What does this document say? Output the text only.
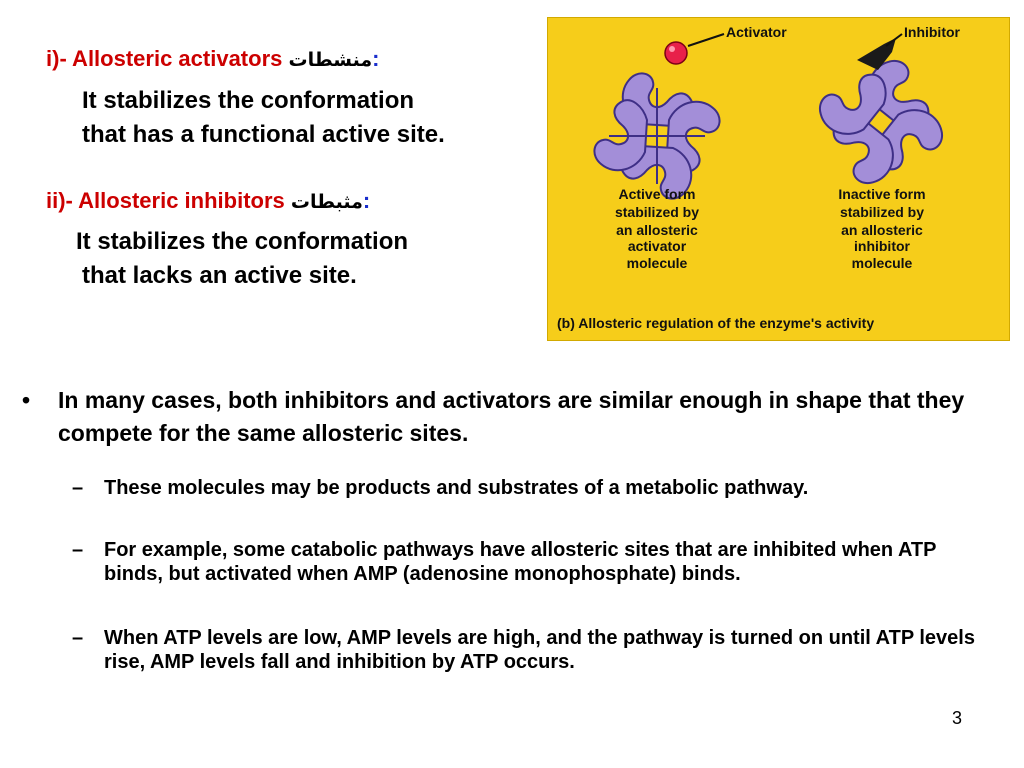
i)- Allosteric activators منشطات:
It stabilizes the conformation
that has a functional active site.
ii)- Allosteric inhibitors مثبطات:
It stabilizes the conformation
that lacks an active site.
Activator	Inhibitor
Active form
stabilized by
an allosteric
activator
molecule
Inactive form
stabilized by
an allosteric
inhibitor
molecule
(b) Allosteric regulation of the enzyme's activity
• In many cases, both inhibitors and activators are similar enough in shape that they compete for the same allosteric sites.
– These molecules may be products and substrates of a metabolic pathway.
– For example, some catabolic pathways have allosteric sites that are inhibited when ATP binds, but activated when AMP (adenosine monophosphate) binds.
– When ATP levels are low, AMP levels are high, and the pathway is turned on until ATP levels rise, AMP levels fall and inhibition by ATP occurs.
3
